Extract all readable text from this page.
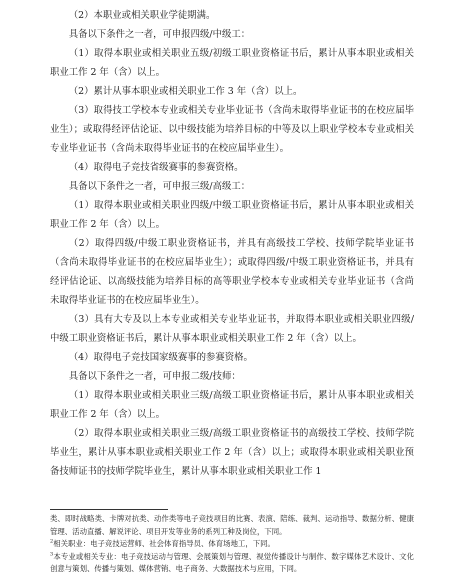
（2）本职业或相关职业学徒期满。

具备以下条件之一者，可申报四级/中级工：

（1）取得本职业或相关职业五级/初级工职业资格证书后，累计从事本职业或相关职业工作 2 年（含）以上。

（2）累计从事本职业或相关职业工作 3 年（含）以上。

（3）取得技工学校本专业或相关专业毕业证书（含尚未取得毕业证书的在校应届毕业生）；或取得经评估论证、以中级技能为培养目标的中等及以上职业学校本专业或相关专业毕业证书（含尚未取得毕业证书的在校应届毕业生）。

（4）取得电子竞技省级赛事的参赛资格。

具备以下条件之一者，可申报三级/高级工：

（1）取得本职业或相关职业四级/中级工职业资格证书后，累计从事本职业或相关职业工作 2 年（含）以上。

（2）取得四级/中级工职业资格证书，并具有高级技工学校、技师学院毕业证书（含尚未取得毕业证书的在校应届毕业生）；或取得四级/中级工职业资格证书，并具有经评估论证、以高级技能为培养目标的高等职业学校本专业或相关专业毕业证书（含尚未取得毕业证书的在校应届毕业生）。

（3）具有大专及以上本专业或相关专业毕业证书，并取得本职业或相关职业四级/中级工职业资格证书后，累计从事本职业或相关职业工作 2 年（含）以上。

（4）取得电子竞技国家级赛事的参赛资格。

具备以下条件之一者，可申报二级/技师：

（1）取得本职业或相关职业三级/高级工职业资格证书后，累计从事本职业或相关职业工作 2 年（含）以上。

（2）取得本职业或相关职业三级/高级工职业资格证书的高级技工学校、技师学院毕业生，累计从事本职业或相关职业工作 2 年（含）以上；或取得本职业或相关职业预备技师证书的技师学院毕业生，累计从事本职业或相关职业工作 1

类、即时战略类、卡牌对抗类、动作类等电子竞技项目的比赛、表演、陪练、裁判、运动指导、数据分析、健康管理、活动直播、解说评论、项目开发等业务的系列工种及岗位，下同。

$^2$相关职业：电子竞技运营师、社会体育指导员、体育场地工，下同。

$^3$本专业或相关专业：电子竞技运动与管理、会展策划与管理、视觉传播设计与制作、数字媒体艺术设计、文化创意与策划、传播与策划、媒体营销、电子商务、大数据技术与应用，下同。
